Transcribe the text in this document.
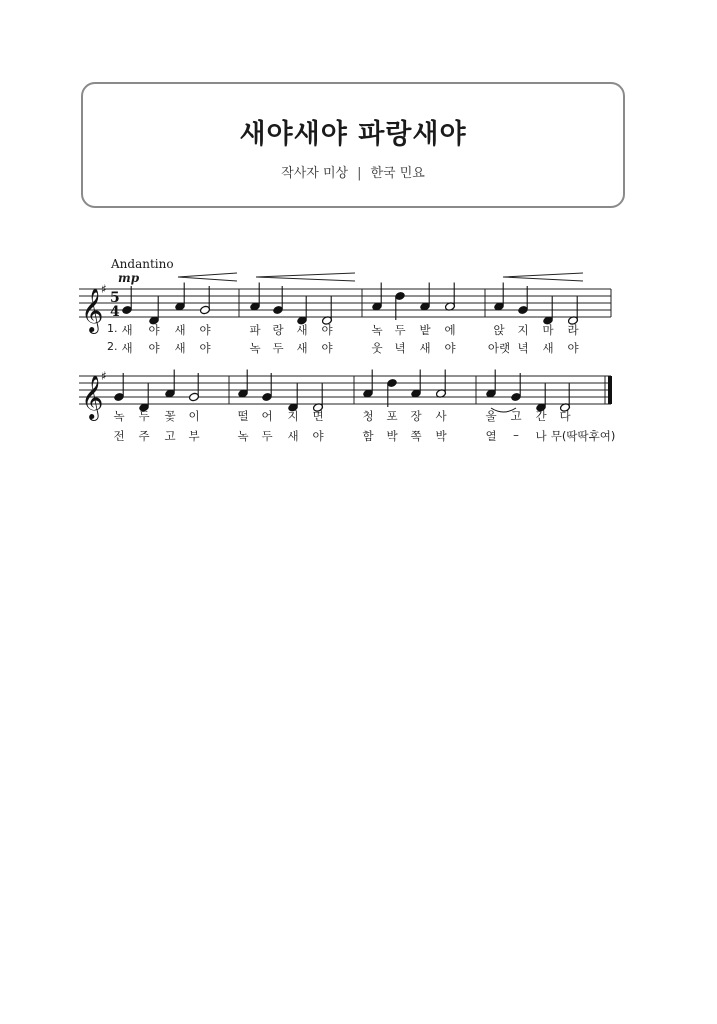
새야새야 파랑새야
작사자 미상 | 한국 민요
Andantino
mp
𝄞
♯
5
4
𝄞
♯
1. 새 야 새 야	파 랑 새 야	녹 두 밭 에	앉 지 마 라
2. 새 야 새 야	녹 두 새 야	웃 녁 새 야	아랫 녁 새 야
녹 두 꽃 이	떨 어 지 면	청 포 장 사	울 고 간 다
전 주 고 부	녹 두 새 야	함 박 쪽 박	열 – 나 무(딱딱후여)
